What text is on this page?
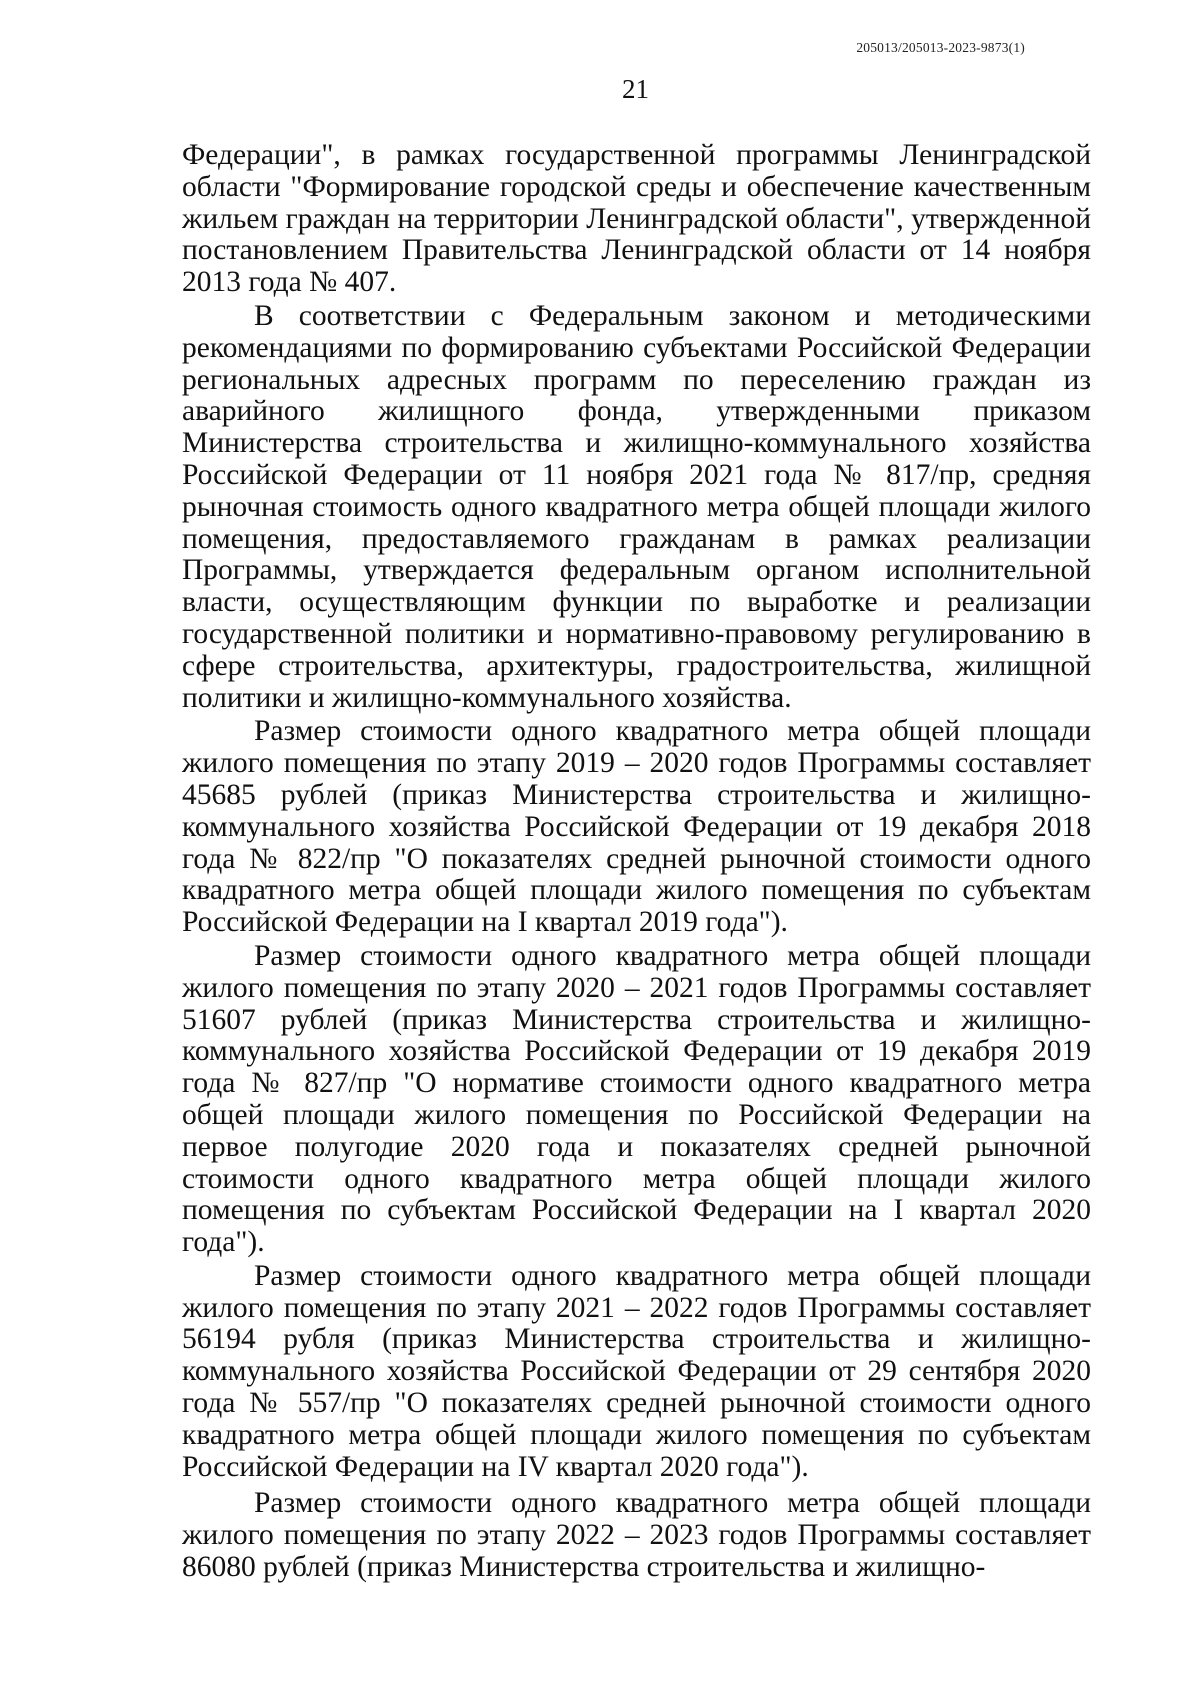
205013/205013-2023-9873(1)
21

Федерации", в рамках государственной программы Ленинградской области "Формирование городской среды и обеспечение качественным жильем граждан на территории Ленинградской области", утвержденной постановлением Правительства Ленинградской области от 14 ноября 2013 года № 407.

В соответствии с Федеральным законом и методическими рекомендациями по формированию субъектами Российской Федерации региональных адресных программ по переселению граждан из аварийного жилищного фонда, утвержденными приказом Министерства строительства и жилищно-коммунального хозяйства Российской Федерации от 11 ноября 2021 года № 817/пр, средняя рыночная стоимость одного квадратного метра общей площади жилого помещения, предоставляемого гражданам в рамках реализации Программы, утверждается федеральным органом исполнительной власти, осуществляющим функции по выработке и реализации государственной политики и нормативно-правовому регулированию в сфере строительства, архитектуры, градостроительства, жилищной политики и жилищно-коммунального хозяйства.

Размер стоимости одного квадратного метра общей площади жилого помещения по этапу 2019 – 2020 годов Программы составляет 45685 рублей (приказ Министерства строительства и жилищно-коммунального хозяйства Российской Федерации от 19 декабря 2018 года № 822/пр "О показателях средней рыночной стоимости одного квадратного метра общей площади жилого помещения по субъектам Российской Федерации на I квартал 2019 года").

Размер стоимости одного квадратного метра общей площади жилого помещения по этапу 2020 – 2021 годов Программы составляет 51607 рублей (приказ Министерства строительства и жилищно-коммунального хозяйства Российской Федерации от 19 декабря 2019 года № 827/пр "О нормативе стоимости одного квадратного метра общей площади жилого помещения по Российской Федерации на первое полугодие 2020 года и показателях средней рыночной стоимости одного квадратного метра общей площади жилого помещения по субъектам Российской Федерации на I квартал 2020 года").

Размер стоимости одного квадратного метра общей площади жилого помещения по этапу 2021 – 2022 годов Программы составляет 56194 рубля (приказ Министерства строительства и жилищно-коммунального хозяйства Российской Федерации от 29 сентября 2020 года № 557/пр "О показателях средней рыночной стоимости одного квадратного метра общей площади жилого помещения по субъектам Российской Федерации на IV квартал 2020 года").

Размер стоимости одного квадратного метра общей площади жилого помещения по этапу 2022 – 2023 годов Программы составляет 86080 рублей (приказ Министерства строительства и жилищно-
